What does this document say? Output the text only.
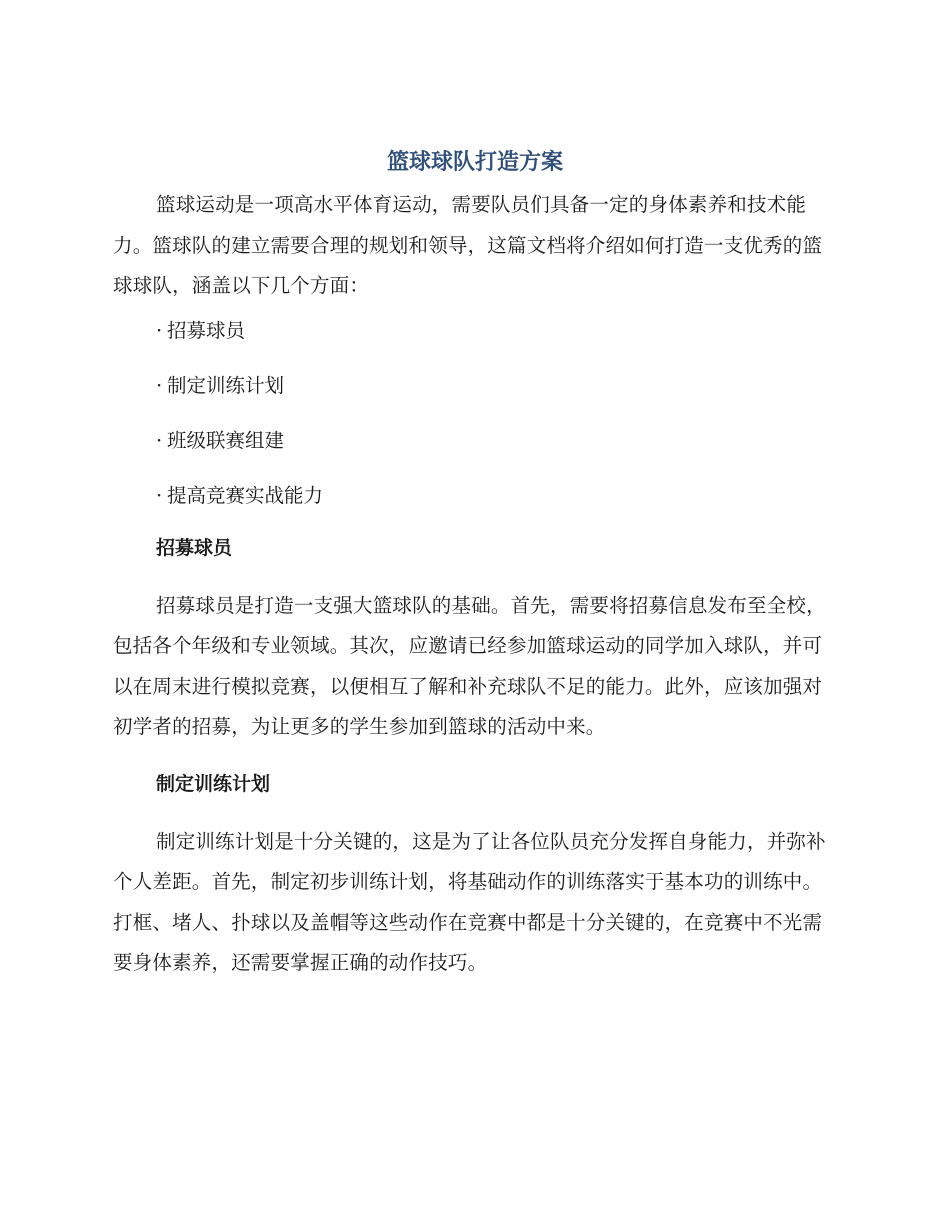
篮球球队打造方案

篮球运动是一项高水平体育运动，需要队员们具备一定的身体素养和技术能力。篮球队的建立需要合理的规划和领导，这篇文档将介绍如何打造一支优秀的篮球球队，涵盖以下几个方面：

· 招募球员
· 制定训练计划
· 班级联赛组建
· 提高竞赛实战能力
招募球员

招募球员是打造一支强大篮球队的基础。首先，需要将招募信息发布至全校，包括各个年级和专业领域。其次，应邀请已经参加篮球运动的同学加入球队，并可以在周末进行模拟竞赛，以便相互了解和补充球队不足的能力。此外，应该加强对初学者的招募，为让更多的学生参加到篮球的活动中来。

制定训练计划

制定训练计划是十分关键的，这是为了让各位队员充分发挥自身能力，并弥补个人差距。首先，制定初步训练计划，将基础动作的训练落实于基本功的训练中。打框、堵人、扑球以及盖帽等这些动作在竞赛中都是十分关键的，在竞赛中不光需要身体素养，还需要掌握正确的动作技巧。
